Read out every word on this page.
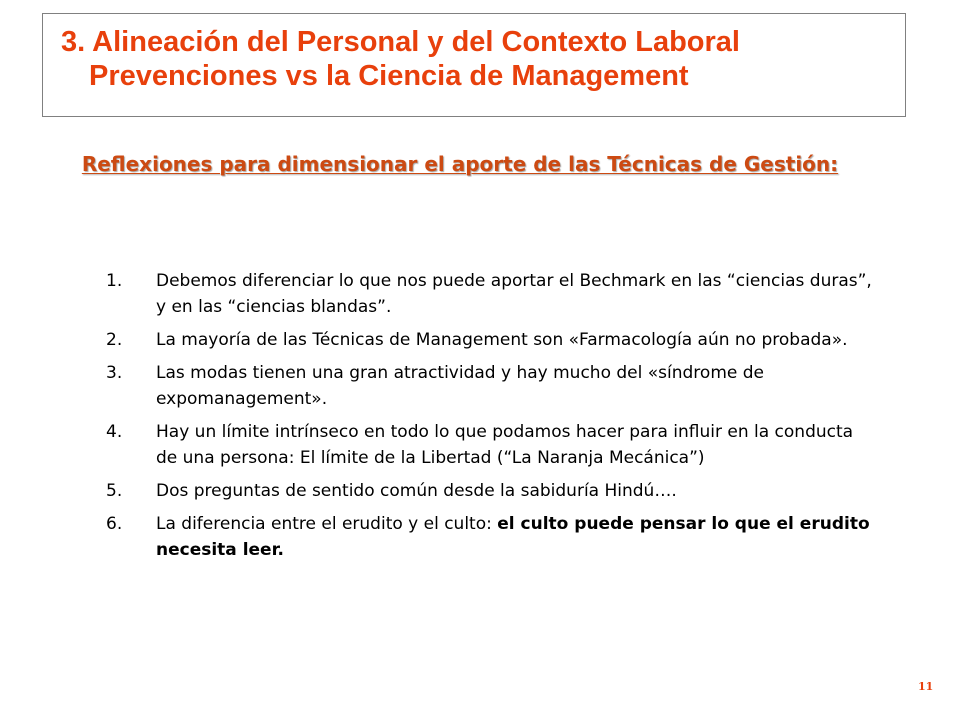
3. Alineación del Personal y del Contexto Laboral
Prevenciones vs la Ciencia de Management
Reflexiones para dimensionar el aporte de las Técnicas de Gestión:
1.	Debemos diferenciar lo que nos puede aportar el Bechmark en las “ciencias duras”, y en las “ciencias blandas”.
2.	La mayoría de las Técnicas de Management son «Farmacología aún no probada».
3.	Las modas tienen una gran atractividad y hay mucho del «síndrome de expomanagement».
4.	Hay un límite intrínseco en todo lo que podamos hacer para influir en la conducta de una persona: El límite de la Libertad (“La Naranja Mecánica”)
5.	Dos preguntas de sentido común desde la sabiduría Hindú….
6.	La diferencia entre el erudito y el culto: el culto puede pensar lo que el erudito necesita leer.
11
